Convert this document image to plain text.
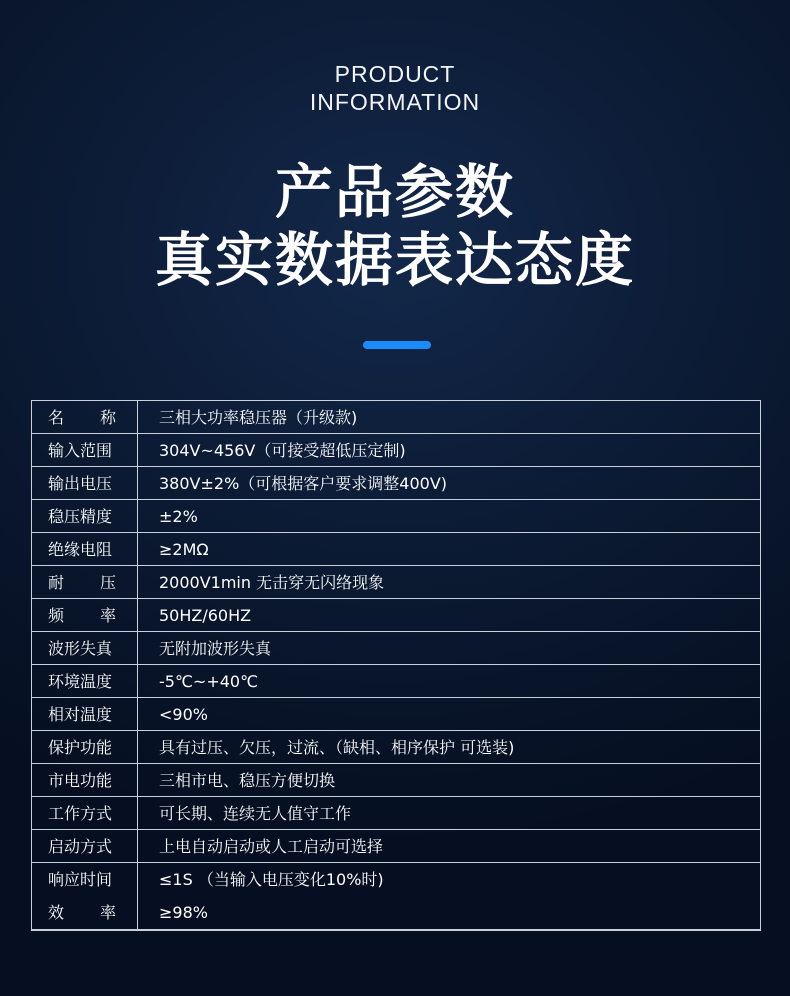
PRODUCT
INFORMATION
产品参数
真实数据表达态度
名 称	三相大功率稳压器（升级款)
输入范围	304V~456V（可接受超低压定制)
输出电压	380V±2%（可根据客户要求调整400V)
稳压精度	±2%
绝缘电阻	≥2MΩ
耐 压	2000V1min 无击穿无闪络现象
频 率	50HZ/60HZ
波形失真	无附加波形失真
环境温度	-5℃~+40℃
相对温度	<90%
保护功能	具有过压、欠压，过流、（缺相、相序保护 可选装)
市电功能	三相市电、稳压方便切换
工作方式	可长期、连续无人值守工作
启动方式	上电自动启动或人工启动可选择
响应时间	≤1S （当输入电压变化10%时)
效 率	≥98%
